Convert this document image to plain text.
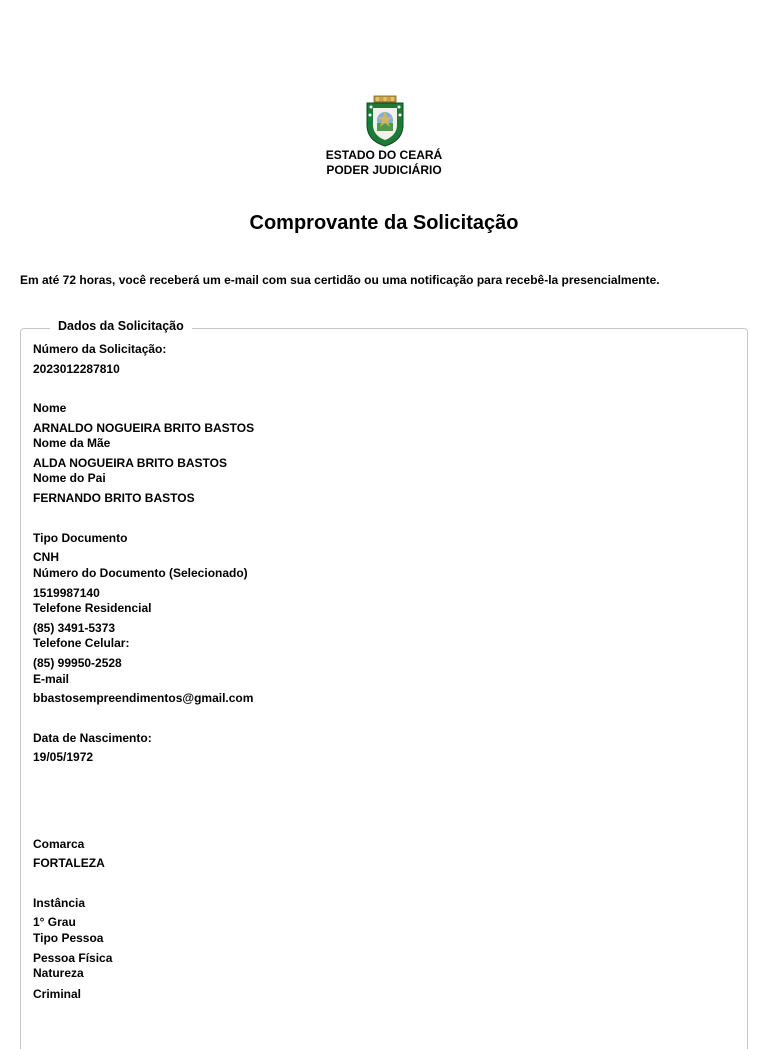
ESTADO DO CEARÁ
PODER JUDICIÁRIO
Comprovante da Solicitação
Em até 72 horas, você receberá um e-mail com sua certidão ou uma notificação para recebê-la presencialmente.
Dados da Solicitação
Número da Solicitação:
2023012287810
Nome
ARNALDO NOGUEIRA BRITO BASTOS
Nome da Mãe
ALDA NOGUEIRA BRITO BASTOS
Nome do Pai
FERNANDO BRITO BASTOS
Tipo Documento
CNH
Número do Documento (Selecionado)
1519987140
Telefone Residencial
(85) 3491-5373
Telefone Celular:
(85) 99950-2528
E-mail
bbastosempreendimentos@gmail.com
Data de Nascimento:
19/05/1972
Comarca
FORTALEZA
Instância
1° Grau
Tipo Pessoa
Pessoa Física
Natureza
Criminal
